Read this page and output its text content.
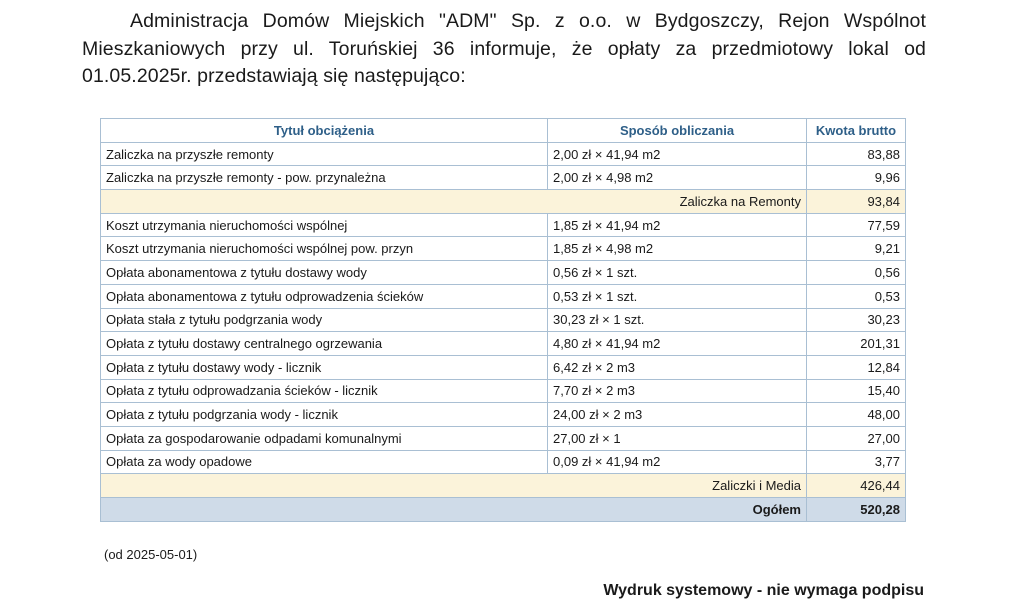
Administracja Domów Miejskich "ADM" Sp. z o.o. w Bydgoszczy, Rejon Wspólnot Mieszkaniowych przy ul. Toruńskiej 36 informuje, że opłaty za przedmiotowy lokal od 01.05.2025r. przedstawiają się następująco:

Tytuł obciążenia	Sposób obliczania	Kwota brutto
Zaliczka na przyszłe remonty	2,00 zł × 41,94 m2	83,88
Zaliczka na przyszłe remonty - pow. przynależna	2,00 zł × 4,98 m2	9,96
Zaliczka na Remonty		93,84
Koszt utrzymania nieruchomości wspólnej	1,85 zł × 41,94 m2	77,59
Koszt utrzymania nieruchomości wspólnej pow. przyn	1,85 zł × 4,98 m2	9,21
Opłata abonamentowa z tytułu dostawy wody	0,56 zł × 1 szt.	0,56
Opłata abonamentowa z tytułu odprowadzenia ścieków	0,53 zł × 1 szt.	0,53
Opłata stała z tytułu podgrzania wody	30,23 zł × 1 szt.	30,23
Opłata z tytułu dostawy centralnego ogrzewania	4,80 zł × 41,94 m2	201,31
Opłata z tytułu dostawy wody - licznik	6,42 zł × 2 m3	12,84
Opłata z tytułu odprowadzania ścieków - licznik	7,70 zł × 2 m3	15,40
Opłata z tytułu podgrzania wody - licznik	24,00 zł × 2 m3	48,00
Opłata za gospodarowanie odpadami komunalnymi	27,00 zł × 1	27,00
Opłata za wody opadowe	0,09 zł × 41,94 m2	3,77
Zaliczki i Media		426,44
Ogółem		520,28
(od 2025-05-01)
Wydruk systemowy - nie wymaga podpisu
